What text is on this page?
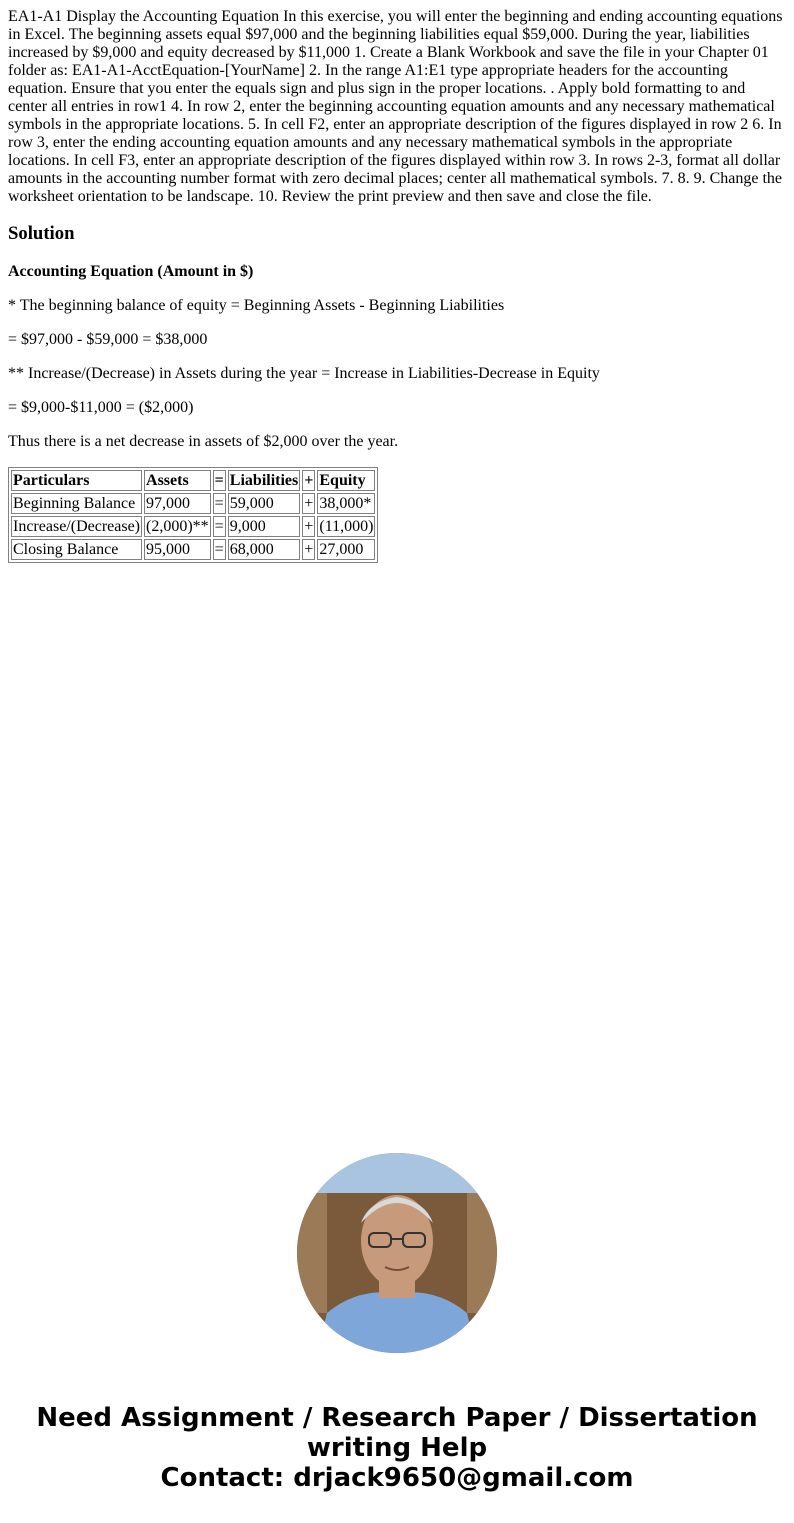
EA1-A1 Display the Accounting Equation In this exercise, you will enter the beginning and ending accounting equations in Excel. The beginning assets equal $97,000 and the beginning liabilities equal $59,000. During the year, liabilities increased by $9,000 and equity decreased by $11,000 1. Create a Blank Workbook and save the file in your Chapter 01 folder as: EA1-A1-AcctEquation-[YourName] 2. In the range A1:E1 type appropriate headers for the accounting equation. Ensure that you enter the equals sign and plus sign in the proper locations. . Apply bold formatting to and center all entries in row1 4. In row 2, enter the beginning accounting equation amounts and any necessary mathematical symbols in the appropriate locations. 5. In cell F2, enter an appropriate description of the figures displayed in row 2 6. In row 3, enter the ending accounting equation amounts and any necessary mathematical symbols in the appropriate locations. In cell F3, enter an appropriate description of the figures displayed within row 3. In rows 2-3, format all dollar amounts in the accounting number format with zero decimal places; center all mathematical symbols. 7. 8. 9. Change the worksheet orientation to be landscape. 10. Review the print preview and then save and close the file.

Solution
Accounting Equation (Amount in $)

* The beginning balance of equity = Beginning Assets - Beginning Liabilities

= $97,000 - $59,000 = $38,000

** Increase/(Decrease) in Assets during the year = Increase in Liabilities-Decrease in Equity

= $9,000-$11,000 = ($2,000)

Thus there is a net decrease in assets of $2,000 over the year.

Particulars	Assets	=	Liabilities	+	Equity
Beginning Balance	97,000	=	59,000	+	38,000*
Increase/(Decrease)	(2,000)**	=	9,000	+	(11,000)
Closing Balance	95,000	=	68,000	+	27,000
Need Assignment / Research Paper / Dissertation
writing Help
Contact: drjack9650@gmail.com
